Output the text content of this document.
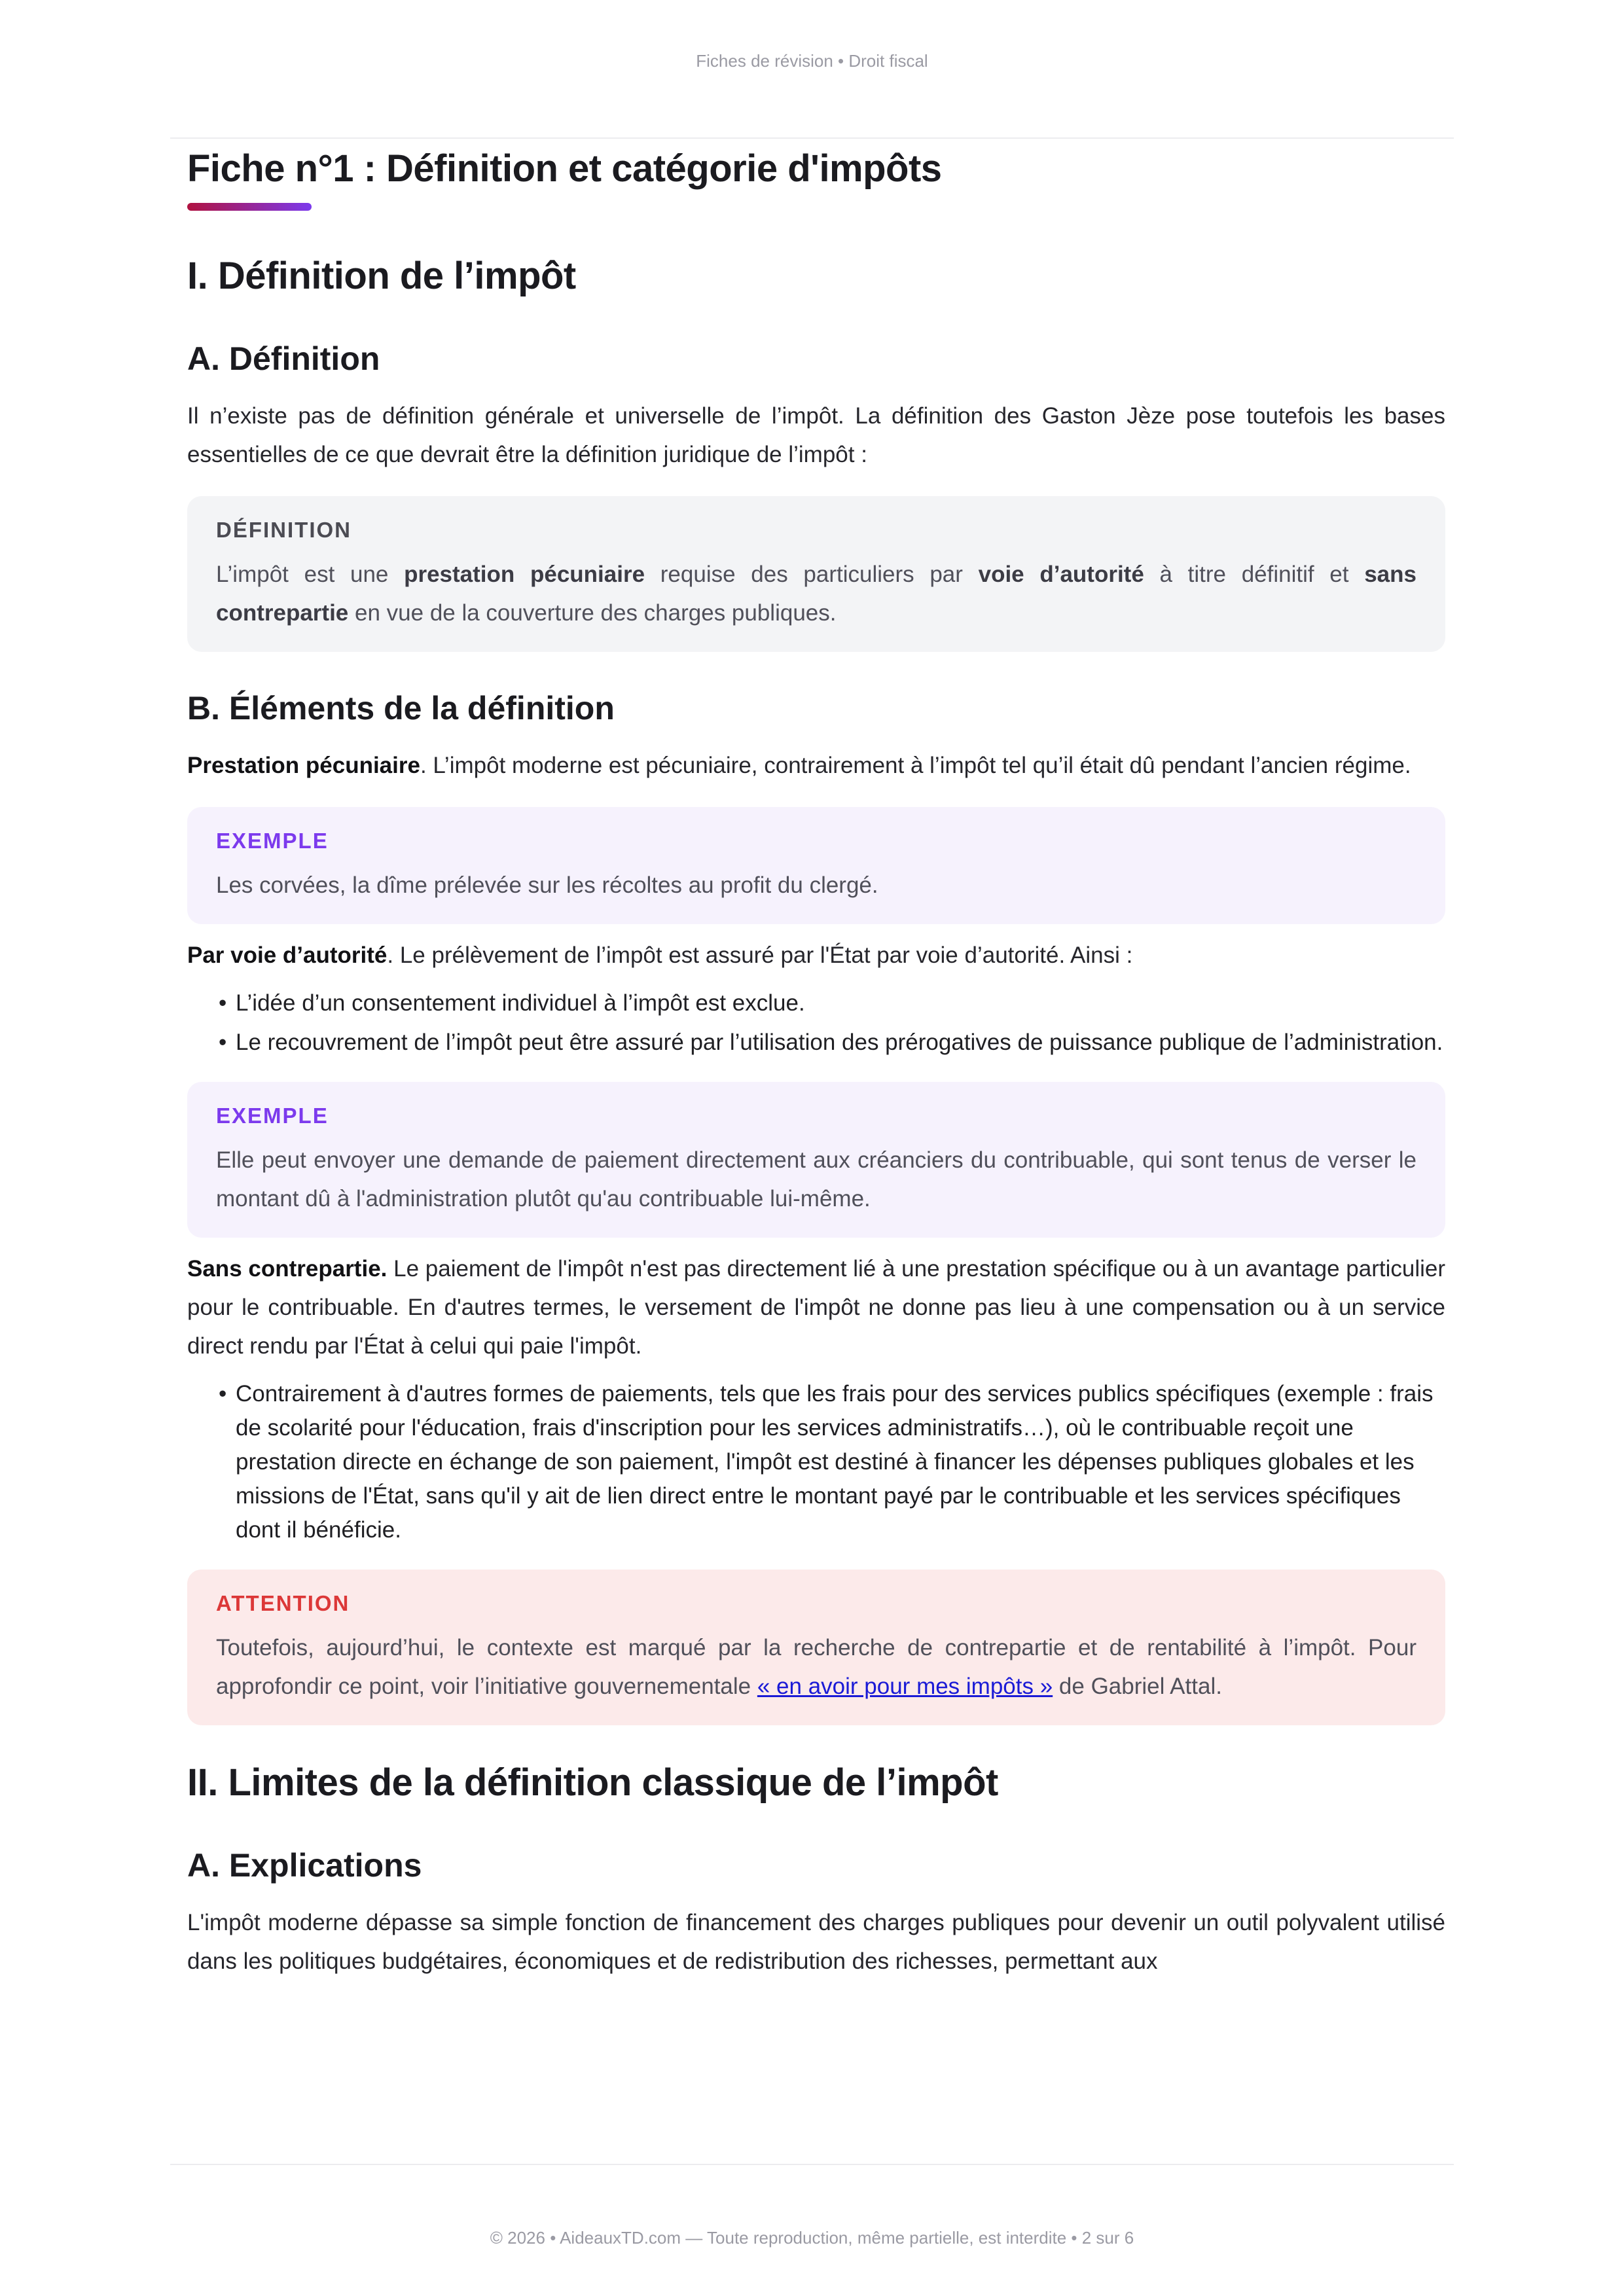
Fiches de révision • Droit fiscal
Fiche n°1 : Définition et catégorie d'impôts
I. Définition de l’impôt
A. Définition

Il n’existe pas de définition générale et universelle de l’impôt. La définition des Gaston Jèze pose toutefois les bases essentielles de ce que devrait être la définition juridique de l’impôt :

DÉFINITION
L’impôt est une prestation pécuniaire requise des particuliers par voie d’autorité à titre définitif et sans contrepartie en vue de la couverture des charges publiques.
B. Éléments de la définition

Prestation pécuniaire. L’impôt moderne est pécuniaire, contrairement à l’impôt tel qu’il était dû pendant l’ancien régime.

EXEMPLE
Les corvées, la dîme prélevée sur les récoltes au profit du clergé.

Par voie d’autorité. Le prélèvement de l’impôt est assuré par l'État par voie d’autorité. Ainsi :

• L’idée d’un consentement individuel à l’impôt est exclue.
• Le recouvrement de l’impôt peut être assuré par l’utilisation des prérogatives de puissance publique de l’administration.
EXEMPLE
Elle peut envoyer une demande de paiement directement aux créanciers du contribuable, qui sont tenus de verser le montant dû à l'administration plutôt qu'au contribuable lui-même.

Sans contrepartie. Le paiement de l'impôt n'est pas directement lié à une prestation spécifique ou à un avantage particulier pour le contribuable. En d'autres termes, le versement de l'impôt ne donne pas lieu à une compensation ou à un service direct rendu par l'État à celui qui paie l'impôt.

• Contrairement à d'autres formes de paiements, tels que les frais pour des services publics spécifiques (exemple : frais de scolarité pour l'éducation, frais d'inscription pour les services administratifs…), où le contribuable reçoit une prestation directe en échange de son paiement, l'impôt est destiné à financer les dépenses publiques globales et les missions de l'État, sans qu'il y ait de lien direct entre le montant payé par le contribuable et les services spécifiques dont il bénéficie.
ATTENTION
Toutefois, aujourd’hui, le contexte est marqué par la recherche de contrepartie et de rentabilité à l’impôt. Pour approfondir ce point, voir l’initiative gouvernementale « en avoir pour mes impôts » de Gabriel Attal.
II. Limites de la définition classique de l’impôt
A. Explications

L'impôt moderne dépasse sa simple fonction de financement des charges publiques pour devenir un outil polyvalent utilisé dans les politiques budgétaires, économiques et de redistribution des richesses, permettant aux

© 2026 • AideauxTD.com — Toute reproduction, même partielle, est interdite • 2 sur 6
